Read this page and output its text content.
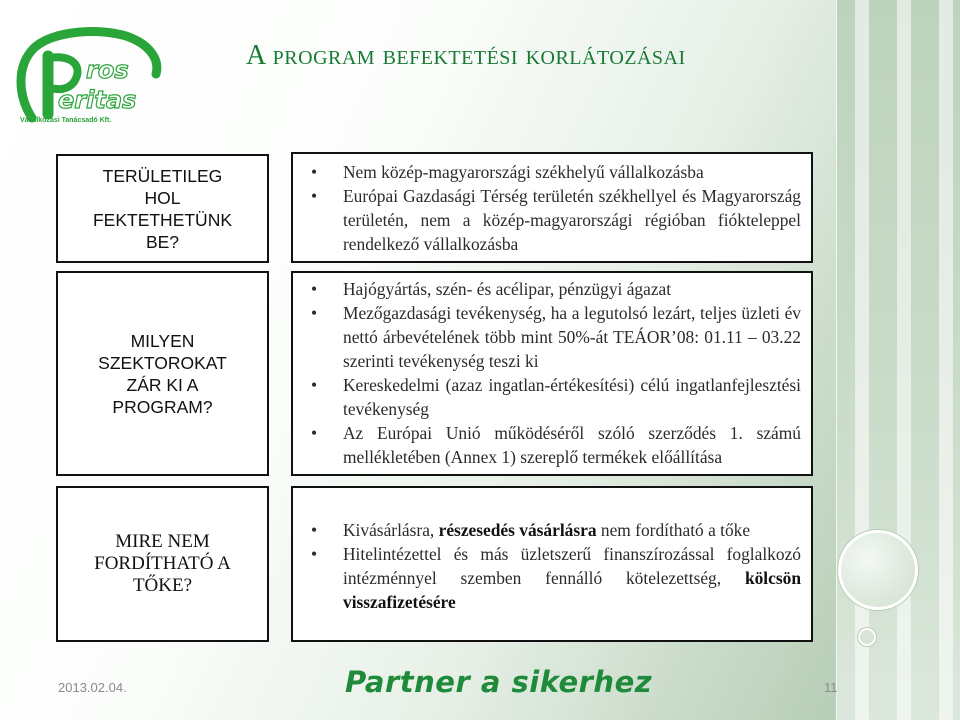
ros
eritas
Vállalkozási Tanácsadó Kft.
A program befektetési korlátozásai
TERÜLETILEG
HOL
FEKTETHETÜNK
BE?
• Nem közép-magyarországi székhelyű vállalkozásba
• Európai Gazdasági Térség területén székhellyel és Magyarország területén, nem a közép-magyarországi régióban fiókteleppel rendelkező vállalkozásba
MILYEN
SZEKTOROKAT
ZÁR KI A
PROGRAM?
• Hajógyártás, szén- és acélipar, pénzügyi ágazat
• Mezőgazdasági tevékenység, ha a legutolsó lezárt, teljes üzleti év nettó árbevételének több mint 50%-át TEÁOR’08: 01.11 – 03.22 szerinti tevékenység teszi ki
• Kereskedelmi (azaz ingatlan-értékesítési) célú ingatlanfejlesztési tevékenység
• Az Európai Unió működéséről szóló szerződés 1. számú mellékletében (Annex 1) szereplő termékek előállítása
MIRE NEM
FORDÍTHATÓ A
TŐKE?
• Kivásárlásra, részesedés vásárlásra nem fordítható a tőke
• Hitelintézettel és más üzletszerű finanszírozással foglalkozó intézménnyel szemben fennálló kötelezettség, kölcsön visszafizetésére
2013.02.04.	Partner a sikerhez	11
